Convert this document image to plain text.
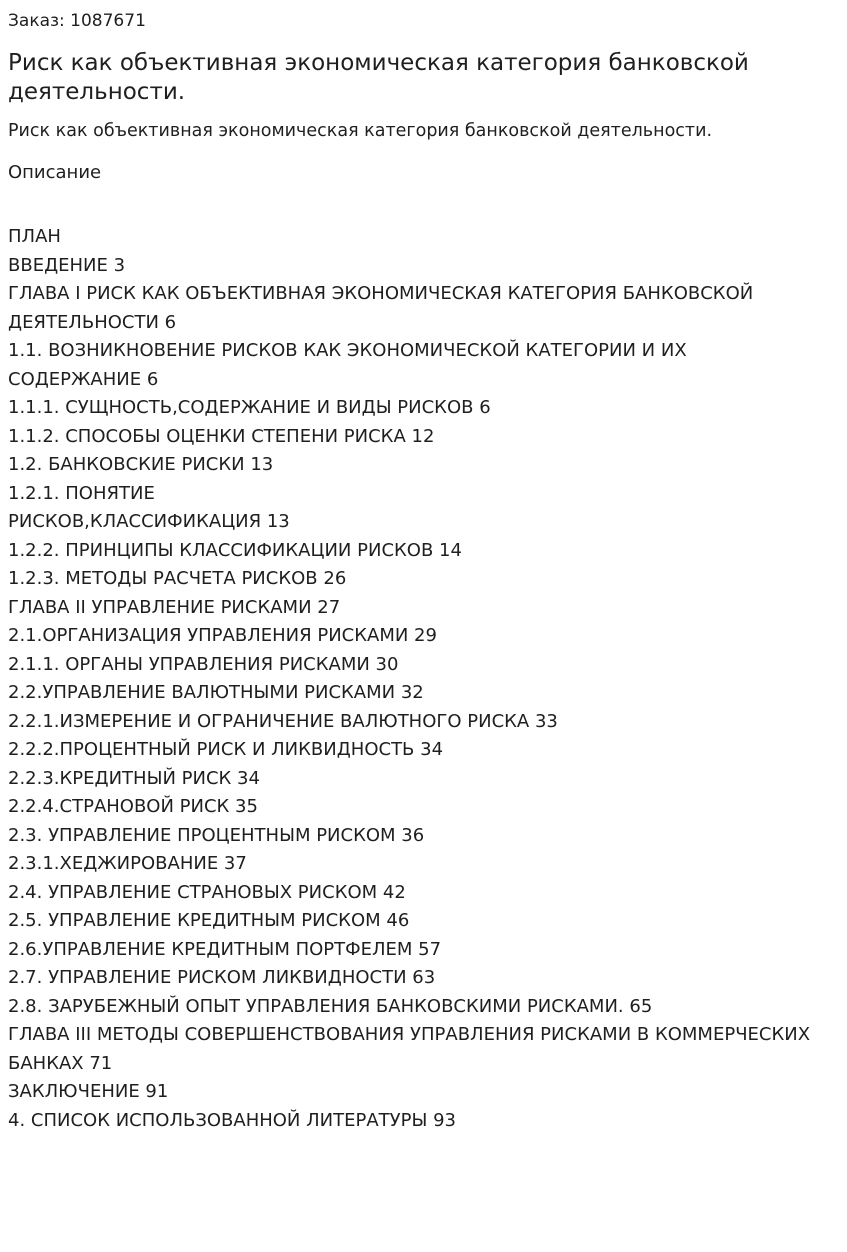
Заказ: 1087671

Риск как объективная экономическая категория банковской деятельности.

Риск как объективная экономическая категория банковской деятельности.

Описание

ПЛАН
ВВЕДЕНИЕ 3
ГЛАВА I РИСК КАК ОБЪЕКТИВНАЯ ЭКОНОМИЧЕСКАЯ КАТЕГОРИЯ БАНКОВСКОЙ ДЕЯТЕЛЬНОСТИ 6
1.1. ВОЗНИКНОВЕНИЕ РИСКОВ КАК ЭКОНОМИЧЕСКОЙ КАТЕГОРИИ И ИХ СОДЕРЖАНИЕ 6
1.1.1. СУЩНОСТЬ,СОДЕРЖАНИЕ И ВИДЫ РИСКОВ 6
1.1.2. СПОСОБЫ ОЦЕНКИ СТЕПЕНИ РИСКА 12
1.2. БАНКОВСКИЕ РИСКИ 13
1.2.1. ПОНЯТИЕ РИСКОВ,КЛАССИФИКАЦИЯ 13
1.2.2. ПРИНЦИПЫ КЛАССИФИКАЦИИ РИСКОВ 14
1.2.3. МЕТОДЫ РАСЧЕТА РИСКОВ 26
ГЛАВА II УПРАВЛЕНИЕ РИСКАМИ 27
2.1.ОРГАНИЗАЦИЯ УПРАВЛЕНИЯ РИСКАМИ 29
2.1.1. ОРГАНЫ УПРАВЛЕНИЯ РИСКАМИ 30
2.2.УПРАВЛЕНИЕ ВАЛЮТНЫМИ РИСКАМИ 32
2.2.1.ИЗМЕРЕНИЕ И ОГРАНИЧЕНИЕ ВАЛЮТНОГО РИСКА 33
2.2.2.ПРОЦЕНТНЫЙ РИСК И ЛИКВИДНОСТЬ 34
2.2.3.КРЕДИТНЫЙ РИСК 34
2.2.4.СТРАНОВОЙ РИСК 35
2.3. УПРАВЛЕНИЕ ПРОЦЕНТНЫМ РИСКОМ 36
2.3.1.ХЕДЖИРОВАНИЕ 37
2.4. УПРАВЛЕНИЕ СТРАНОВЫХ РИСКОМ 42
2.5. УПРАВЛЕНИЕ КРЕДИТНЫМ РИСКОМ 46
2.6.УПРАВЛЕНИЕ КРЕДИТНЫМ ПОРТФЕЛЕМ 57
2.7. УПРАВЛЕНИЕ РИСКОМ ЛИКВИДНОСТИ 63
2.8. ЗАРУБЕЖНЫЙ ОПЫТ УПРАВЛЕНИЯ БАНКОВСКИМИ РИСКАМИ. 65
ГЛАВА III МЕТОДЫ СОВЕРШЕНСТВОВАНИЯ УПРАВЛЕНИЯ РИСКАМИ В КОММЕРЧЕСКИХ БАНКАХ 71
ЗАКЛЮЧЕНИЕ 91
4. СПИСОК ИСПОЛЬЗОВАННОЙ ЛИТЕРАТУРЫ 93
